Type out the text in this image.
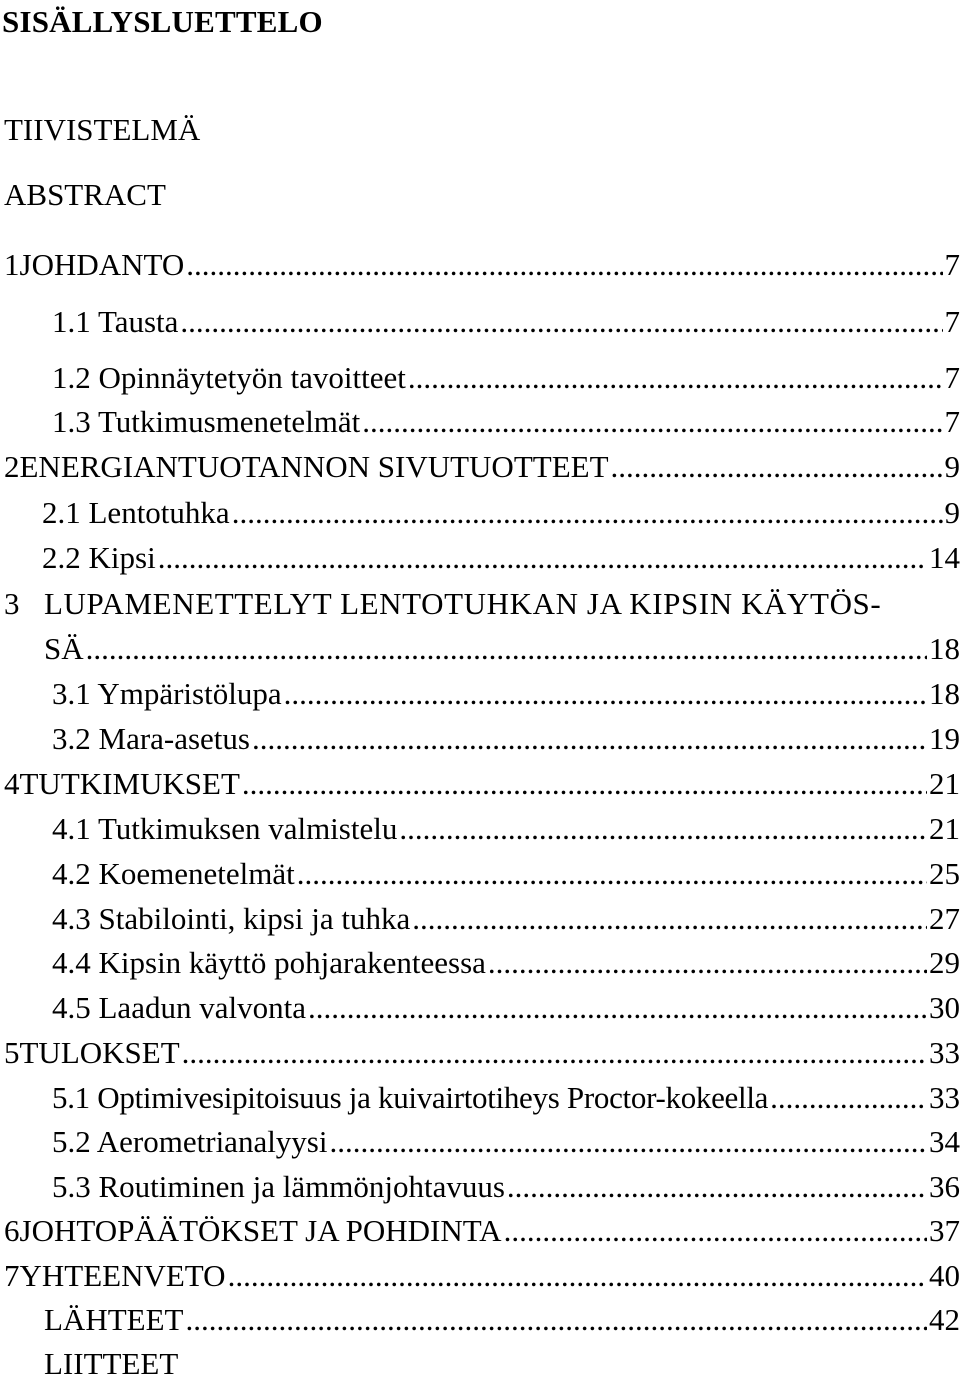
SISÄLLYSLUETTELO
TIIVISTELMÄ
ABSTRACT
1 JOHDANTO .....	7
1.1 Tausta .....	7
1.2 Opinnäytetyön tavoitteet .....	7
1.3 Tutkimusmenetelmät .....	7
2 ENERGIANTUOTANNON SIVUTUOTTEET .....	9
2.1 Lentotuhka .....	9
2.2 Kipsi .....	14
3 LUPAMENETTELYT LENTOTUHKAN JA KIPSIN KÄYTÖS-
SÄ .....	18
3.1 Ympäristölupa .....	18
3.2 Mara-asetus .....	19
4 TUTKIMUKSET .....	21
4.1 Tutkimuksen valmistelu .....	21
4.2 Koemenetelmät .....	25
4.3 Stabilointi, kipsi ja tuhka .....	27
4.4 Kipsin käyttö pohjarakenteessa .....	29
4.5 Laadun valvonta .....	30
5 TULOKSET .....	33
5.1 Optimivesipitoisuus ja kuivairtotiheys Proctor-kokeella .....	33
5.2 Aerometrianalyysi .....	34
5.3 Routiminen ja lämmönjohtavuus .....	36
6 JOHTOPÄÄTÖKSET JA POHDINTA .....	37
7 YHTEENVETO .....	40
LÄHTEET .....	42
LIITTEET
